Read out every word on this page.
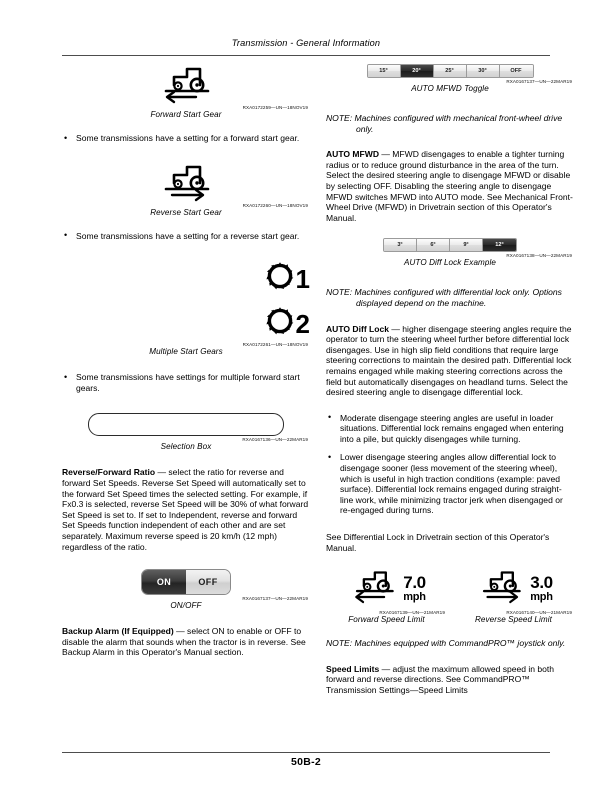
Transmission - General Information
RXA0172259—UN—18NOV19
Forward Start Gear
• Some transmissions have a setting for a forward start gear.
RXA0172260—UN—18NOV19
Reverse Start Gear
• Some transmissions have a setting for a reverse start gear.
1
2
RXA0172261—UN—18NOV19
Multiple Start Gears
• Some transmissions have settings for multiple forward start gears.
RXA0167136—UN—22MAR19
Selection Box

Reverse/Forward Ratio — select the ratio for reverse and forward Set Speeds. Reverse Set Speed will automatically set to the forward Set Speed times the selected setting. For example, if Fx0.3 is selected, reverse Set Speed will be 30% of what forward Set Speed is set to. If set to Independent, reverse and forward Set Speeds function independent of each other and are set separately. Maximum reverse speed is 20 km/h (12 mph) regardless of the ratio.

ON	OFF
RXA0167137—UN—22MAR19
ON/OFF

Backup Alarm (If Equipped) — select ON to enable or OFF to disable the alarm that sounds when the tractor is in reverse. See Backup Alarm in this Operator's Manual section.

15°	20°	25°	30°	OFF
RXA0167137—UN—22MAR19
AUTO MFWD Toggle

NOTE: Machines configured with mechanical front-wheel drive only.

AUTO MFWD — MFWD disengages to enable a tighter turning radius or to reduce ground disturbance in the area of the turn. Select the desired steering angle to disengage MFWD or disable by selecting OFF. Disabling the steering angle to disengage MFWD switches MFWD into AUTO mode. See Mechanical Front-Wheel Drive (MFWD) in Drivetrain section of this Operator's Manual.

3°	6°	9°	12°
RXA0167138—UN—22MAR19
AUTO Diff Lock Example

NOTE: Machines configured with differential lock only. Options displayed depend on the machine.

AUTO Diff Lock — higher disengage steering angles require the operator to turn the steering wheel further before differential lock disengages. Use in high slip field conditions that require large steering corrections to maintain the desired path. Differential lock remains engaged while making steering corrections across the field but automatically disengages on headland turns. Select the desired steering angle to disengage differential lock.

• Moderate disengage steering angles are useful in loader situations. Differential lock remains engaged when entering into a pile, but quickly disengages while turning.
• Lower disengage steering angles allow differential lock to disengage sooner (less movement of the steering wheel), which is useful in high traction conditions (example: paved surface). Differential lock remains engaged during straight-line work, while minimizing tractor jerk when disengaged or re-engaged during turns.

See Differential Lock in Drivetrain section of this Operator's Manual.

7.0
mph
RXA0167139—UN—21MAR19
Forward Speed Limit
3.0
mph
RXA0167140—UN—21MAR19
Reverse Speed Limit

NOTE: Machines equipped with CommandPRO™ joystick only.

Speed Limits — adjust the maximum allowed speed in both forward and reverse directions. See CommandPRO™ Transmission Settings—Speed Limits

50B-2
